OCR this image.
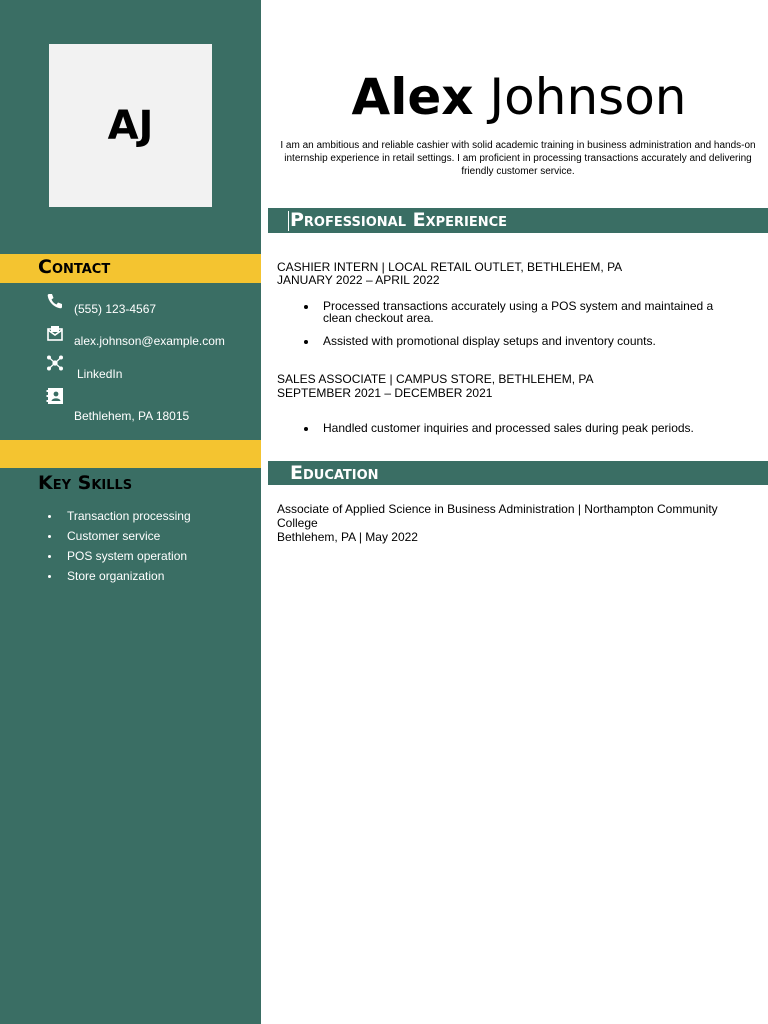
AJ
Contact
(555) 123-4567
alex.johnson@example.com
LinkedIn
Bethlehem, PA 18015
Key Skills
Transaction processing
Customer service
POS system operation
Store organization
Alex Johnson
I am an ambitious and reliable cashier with solid academic training in business administration and hands-on internship experience in retail settings. I am proficient in processing transactions accurately and delivering friendly customer service.
Professional Experience
CASHIER INTERN | LOCAL RETAIL OUTLET, BETHLEHEM, PA
JANUARY 2022 – APRIL 2022
Processed transactions accurately using a POS system and maintained a clean checkout area.
Assisted with promotional display setups and inventory counts.
SALES ASSOCIATE | CAMPUS STORE, BETHLEHEM, PA
SEPTEMBER 2021 – DECEMBER 2021
Handled customer inquiries and processed sales during peak periods.
Education
Associate of Applied Science in Business Administration | Northampton Community College
Bethlehem, PA | May 2022
